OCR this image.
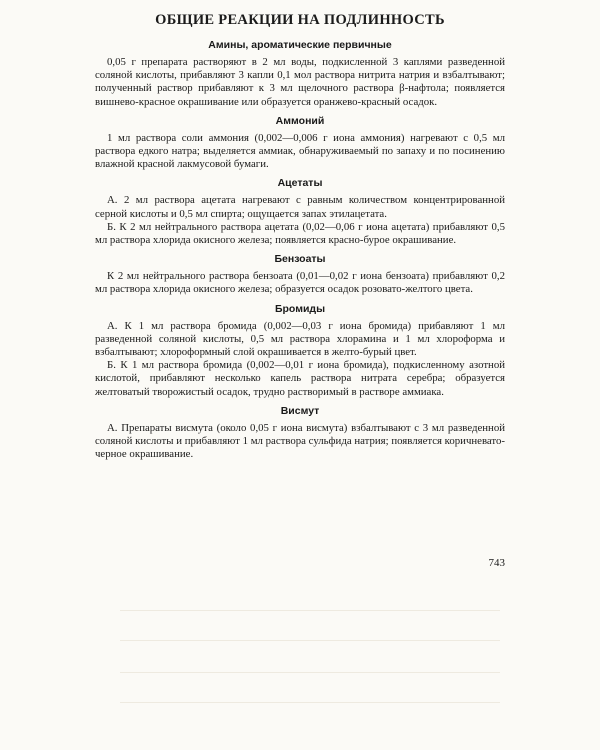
ОБЩИЕ РЕАКЦИИ НА ПОДЛИННОСТЬ
Амины, ароматические первичные

0,05 г препарата растворяют в 2 мл воды, подкисленной 3 каплями разведенной соляной кислоты, прибавляют 3 капли 0,1 мол раствора нитрита натрия и взбалтывают; полученный раствор прибавляют к 3 мл щелочного раствора β-нафтола; появляется вишнево-красное окрашивание или образуется оранжево-красный осадок.

Аммоний

1 мл раствора соли аммония (0,002—0,006 г иона аммония) нагревают с 0,5 мл раствора едкого натра; выделяется аммиак, обнаруживаемый по запаху и по посинению влажной красной лакмусовой бумаги.

Ацетаты

А. 2 мл раствора ацетата нагревают с равным количеством концентрированной серной кислоты и 0,5 мл спирта; ощущается запах этилацетата.

Б. К 2 мл нейтрального раствора ацетата (0,02—0,06 г иона ацетата) прибавляют 0,5 мл раствора хлорида окисного железа; появляется красно-бурое окрашивание.

Бензоаты

К 2 мл нейтрального раствора бензоата (0,01—0,02 г иона бензоата) прибавляют 0,2 мл раствора хлорида окисного железа; образуется осадок розовато-желтого цвета.

Бромиды

А. К 1 мл раствора бромида (0,002—0,03 г иона бромида) прибавляют 1 мл разведенной соляной кислоты, 0,5 мл раствора хлорамина и 1 мл хлороформа и взбалтывают; хлороформный слой окрашивается в желто-бурый цвет.

Б. К 1 мл раствора бромида (0,002—0,01 г иона бромида), подкисленному азотной кислотой, прибавляют несколько капель раствора нитрата серебра; образуется желтоватый творожистый осадок, трудно растворимый в растворе аммиака.

Висмут

А. Препараты висмута (около 0,05 г иона висмута) взбалтывают с 3 мл разведенной соляной кислоты и прибавляют 1 мл раствора сульфида натрия; появляется коричневато-черное окрашивание.

743
